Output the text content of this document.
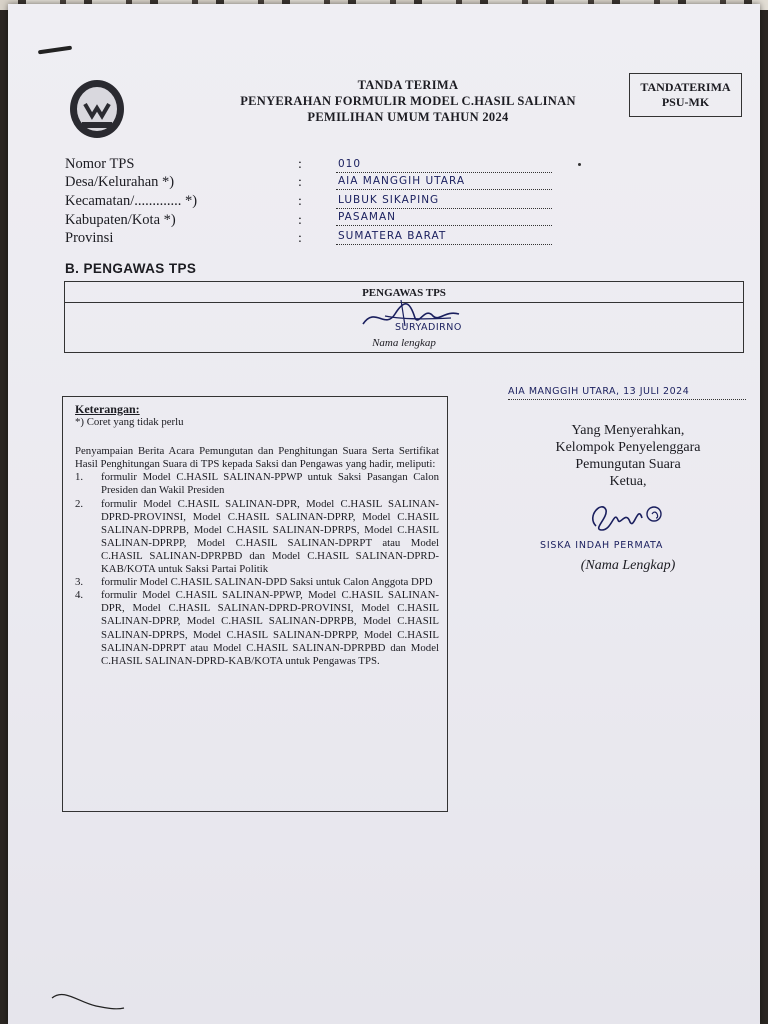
TANDA TERIMA
PENYERAHAN FORMULIR MODEL C.HASIL SALINAN
PEMILIHAN UMUM TAHUN 2024
TANDATERIMA
PSU-MK
Nomor TPS	:	010
Desa/Kelurahan *)	:	AIA MANGGIH UTARA
Kecamatan/............. *)	:	LUBUK SIKAPING
Kabupaten/Kota *)	:	PASAMAN
Provinsi	:	SUMATERA BARAT
B. PENGAWAS TPS
PENGAWAS TPS
SURYADIRNO
Nama lengkap
Keterangan:
*) Coret yang tidak perlu
Penyampaian Berita Acara Pemungutan dan Penghitungan Suara Serta Sertifikat Hasil Penghitungan Suara di TPS kepada Saksi dan Pengawas yang hadir, meliputi:
1. formulir Model C.HASIL SALINAN-PPWP untuk Saksi Pasangan Calon Presiden dan Wakil Presiden
2. formulir Model C.HASIL SALINAN-DPR, Model C.HASIL SALINAN-DPRD-PROVINSI, Model C.HASIL SALINAN-DPRP, Model C.HASIL SALINAN-DPRPB, Model C.HASIL SALINAN-DPRPS, Model C.HASIL SALINAN-DPRPP, Model C.HASIL SALINAN-DPRPT atau Model C.HASIL SALINAN-DPRPBD dan Model C.HASIL SALINAN-DPRD-KAB/KOTA untuk Saksi Partai Politik
3. formulir Model C.HASIL SALINAN-DPD Saksi untuk Calon Anggota DPD
4. formulir Model C.HASIL SALINAN-PPWP, Model C.HASIL SALINAN-DPR, Model C.HASIL SALINAN-DPRD-PROVINSI, Model C.HASIL SALINAN-DPRP, Model C.HASIL SALINAN-DPRPB, Model C.HASIL SALINAN-DPRPS, Model C.HASIL SALINAN-DPRPP, Model C.HASIL SALINAN-DPRPT atau Model C.HASIL SALINAN-DPRPBD dan Model C.HASIL SALINAN-DPRD-KAB/KOTA untuk Pengawas TPS.
AIA MANGGIH UTARA, 13 JULI 2024
Yang Menyerahkan,
Kelompok Penyelenggara
Pemungutan Suara
Ketua,
SISKA INDAH PERMATA
(Nama Lengkap)
